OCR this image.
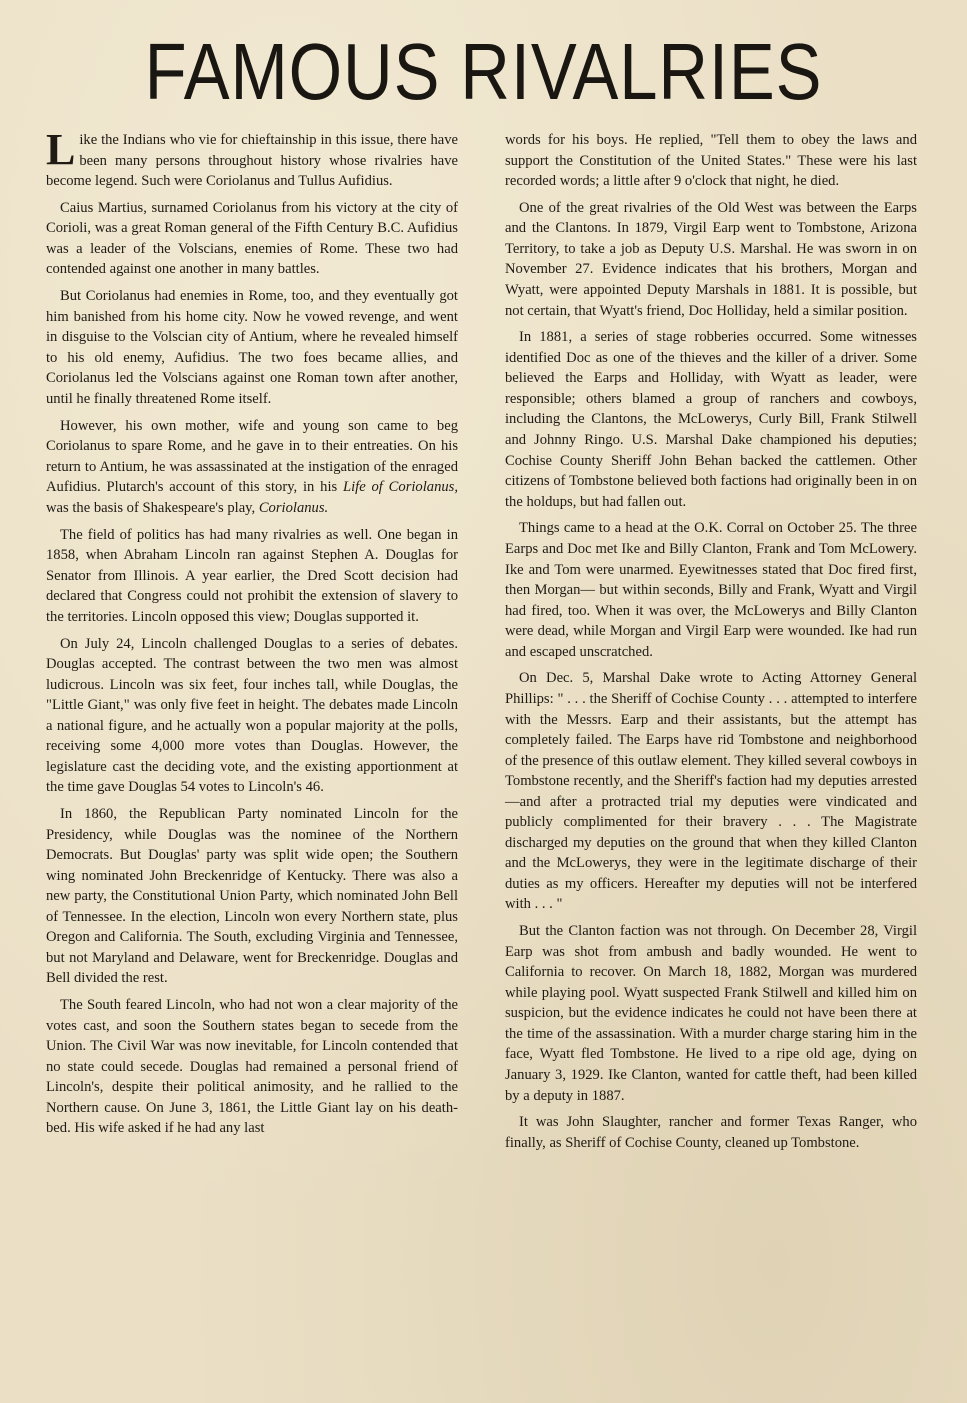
FAMOUS RIVALRIES

Like the Indians who vie for chieftainship in this issue, there have been many persons throughout history whose rivalries have become legend. Such were Coriolanus and Tullus Aufidius.

Caius Martius, surnamed Coriolanus from his victory at the city of Corioli, was a great Roman general of the Fifth Century B.C. Aufidius was a leader of the Volscians, enemies of Rome. These two had contended against one another in many battles.

But Coriolanus had enemies in Rome, too, and they eventually got him banished from his home city. Now he vowed revenge, and went in disguise to the Volscian city of Antium, where he revealed himself to his old enemy, Aufidius. The two foes became allies, and Coriolanus led the Volscians against one Roman town after another, until he finally threatened Rome itself.

However, his own mother, wife and young son came to beg Coriolanus to spare Rome, and he gave in to their entreaties. On his return to Antium, he was assassinated at the instigation of the enraged Aufidius. Plutarch's account of this story, in his Life of Coriolanus, was the basis of Shakespeare's play, Coriolanus.

The field of politics has had many rivalries as well. One began in 1858, when Abraham Lincoln ran against Stephen A. Douglas for Senator from Illinois. A year earlier, the Dred Scott decision had declared that Congress could not prohibit the extension of slavery to the territories. Lincoln opposed this view; Douglas supported it.

On July 24, Lincoln challenged Douglas to a series of debates. Douglas accepted. The contrast between the two men was almost ludicrous. Lincoln was six feet, four inches tall, while Douglas, the "Little Giant," was only five feet in height. The debates made Lincoln a national figure, and he actually won a popular majority at the polls, receiving some 4,000 more votes than Douglas. However, the legislature cast the deciding vote, and the existing apportionment at the time gave Douglas 54 votes to Lincoln's 46.

In 1860, the Republican Party nominated Lincoln for the Presidency, while Douglas was the nominee of the Northern Democrats. But Douglas' party was split wide open; the Southern wing nominated John Breckenridge of Kentucky. There was also a new party, the Constitutional Union Party, which nominated John Bell of Tennessee. In the election, Lincoln won every Northern state, plus Oregon and California. The South, excluding Virginia and Tennessee, but not Maryland and Delaware, went for Breckenridge. Douglas and Bell divided the rest.

The South feared Lincoln, who had not won a clear majority of the votes cast, and soon the Southern states began to secede from the Union. The Civil War was now inevitable, for Lincoln contended that no state could secede. Douglas had remained a personal friend of Lincoln's, despite their political animosity, and he rallied to the Northern cause. On June 3, 1861, the Little Giant lay on his death-bed. His wife asked if he had any last

words for his boys. He replied, "Tell them to obey the laws and support the Constitution of the United States." These were his last recorded words; a little after 9 o'clock that night, he died.

One of the great rivalries of the Old West was between the Earps and the Clantons. In 1879, Virgil Earp went to Tombstone, Arizona Territory, to take a job as Deputy U.S. Marshal. He was sworn in on November 27. Evidence indicates that his brothers, Morgan and Wyatt, were appointed Deputy Marshals in 1881. It is possible, but not certain, that Wyatt's friend, Doc Holliday, held a similar position.

In 1881, a series of stage robberies occurred. Some witnesses identified Doc as one of the thieves and the killer of a driver. Some believed the Earps and Holliday, with Wyatt as leader, were responsible; others blamed a group of ranchers and cowboys, including the Clantons, the McLowerys, Curly Bill, Frank Stilwell and Johnny Ringo. U.S. Marshal Dake championed his deputies; Cochise County Sheriff John Behan backed the cattlemen. Other citizens of Tombstone believed both factions had originally been in on the holdups, but had fallen out.

Things came to a head at the O.K. Corral on October 25. The three Earps and Doc met Ike and Billy Clanton, Frank and Tom McLowery. Ike and Tom were unarmed. Eyewitnesses stated that Doc fired first, then Morgan— but within seconds, Billy and Frank, Wyatt and Virgil had fired, too. When it was over, the McLowerys and Billy Clanton were dead, while Morgan and Virgil Earp were wounded. Ike had run and escaped unscratched.

On Dec. 5, Marshal Dake wrote to Acting Attorney General Phillips: " . . . the Sheriff of Cochise County . . . attempted to interfere with the Messrs. Earp and their assistants, but the attempt has completely failed. The Earps have rid Tombstone and neighborhood of the presence of this outlaw element. They killed several cowboys in Tombstone recently, and the Sheriff's faction had my deputies arrested—and after a protracted trial my deputies were vindicated and publicly complimented for their bravery . . . The Magistrate discharged my deputies on the ground that when they killed Clanton and the McLowerys, they were in the legitimate discharge of their duties as my officers. Hereafter my deputies will not be interfered with . . . "

But the Clanton faction was not through. On December 28, Virgil Earp was shot from ambush and badly wounded. He went to California to recover. On March 18, 1882, Morgan was murdered while playing pool. Wyatt suspected Frank Stilwell and killed him on suspicion, but the evidence indicates he could not have been there at the time of the assassination. With a murder charge staring him in the face, Wyatt fled Tombstone. He lived to a ripe old age, dying on January 3, 1929. Ike Clanton, wanted for cattle theft, had been killed by a deputy in 1887.

It was John Slaughter, rancher and former Texas Ranger, who finally, as Sheriff of Cochise County, cleaned up Tombstone.
